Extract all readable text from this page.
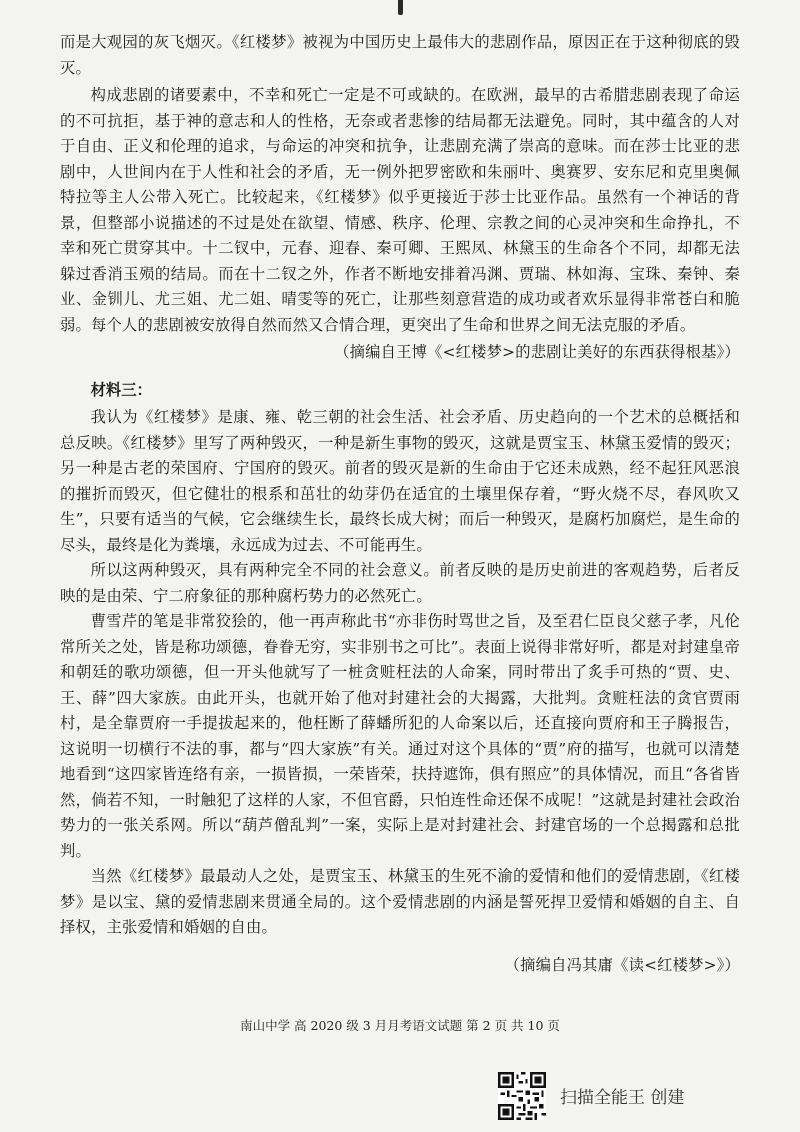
而是大观园的灰飞烟灭。《红楼梦》被视为中国历史上最伟大的悲剧作品，原因正在于这种彻底的毁灭。

构成悲剧的诸要素中，不幸和死亡一定是不可或缺的。在欧洲，最早的古希腊悲剧表现了命运的不可抗拒，基于神的意志和人的性格，无奈或者悲惨的结局都无法避免。同时，其中蕴含的人对于自由、正义和伦理的追求，与命运的冲突和抗争，让悲剧充满了崇高的意味。而在莎士比亚的悲剧中，人世间内在于人性和社会的矛盾，无一例外把罗密欧和朱丽叶、奥赛罗、安东尼和克里奥佩特拉等主人公带入死亡。比较起来，《红楼梦》似乎更接近于莎士比亚作品。虽然有一个神话的背景，但整部小说描述的不过是处在欲望、情感、秩序、伦理、宗教之间的心灵冲突和生命挣扎，不幸和死亡贯穿其中。十二钗中，元春、迎春、秦可卿、王熙凤、林黛玉的生命各个不同，却都无法躲过香消玉殒的结局。而在十二钗之外，作者不断地安排着冯渊、贾瑞、林如海、宝珠、秦钟、秦业、金钏儿、尤三姐、尤二姐、晴雯等的死亡，让那些刻意营造的成功或者欢乐显得非常苍白和脆弱。每个人的悲剧被安放得自然而然又合情合理，更突出了生命和世界之间无法克服的矛盾。

（摘编自王博《<红楼梦>的悲剧让美好的东西获得根基》）

材料三：

我认为《红楼梦》是康、雍、乾三朝的社会生活、社会矛盾、历史趋向的一个艺术的总概括和总反映。《红楼梦》里写了两种毁灭，一种是新生事物的毁灭，这就是贾宝玉、林黛玉爱情的毁灭；另一种是古老的荣国府、宁国府的毁灭。前者的毁灭是新的生命由于它还未成熟，经不起狂风恶浪的摧折而毁灭，但它健壮的根系和茁壮的幼芽仍在适宜的土壤里保存着，“野火烧不尽，春风吹又生”，只要有适当的气候，它会继续生长，最终长成大树；而后一种毁灭，是腐朽加腐烂，是生命的尽头，最终是化为粪壤，永远成为过去、不可能再生。

所以这两种毁灭，具有两种完全不同的社会意义。前者反映的是历史前进的客观趋势，后者反映的是由荣、宁二府象征的那种腐朽势力的必然死亡。

曹雪芹的笔是非常狡狯的，他一再声称此书“亦非伤时骂世之旨，及至君仁臣良父慈子孝，凡伦常所关之处，皆是称功颂德，眷眷无穷，实非别书之可比”。表面上说得非常好听，都是对封建皇帝和朝廷的歌功颂德，但一开头他就写了一桩贪赃枉法的人命案，同时带出了炙手可热的“贾、史、王、薛”四大家族。由此开头，也就开始了他对封建社会的大揭露，大批判。贪赃枉法的贪官贾雨村，是全靠贾府一手提拔起来的，他枉断了薛蟠所犯的人命案以后，还直接向贾府和王子腾报告，这说明一切横行不法的事，都与“四大家族”有关。通过对这个具体的“贾”府的描写，也就可以清楚地看到“这四家皆连络有亲，一损皆损，一荣皆荣，扶持遮饰，俱有照应”的具体情况，而且“各省皆然，倘若不知，一时触犯了这样的人家，不但官爵，只怕连性命还保不成呢！”这就是封建社会政治势力的一张关系网。所以“葫芦僧乱判”一案，实际上是对封建社会、封建官场的一个总揭露和总批判。

当然《红楼梦》最最动人之处，是贾宝玉、林黛玉的生死不渝的爱情和他们的爱情悲剧，《红楼梦》是以宝、黛的爱情悲剧来贯通全局的。这个爱情悲剧的内涵是誓死捍卫爱情和婚姻的自主、自择权，主张爱情和婚姻的自由。

（摘编自冯其庸《读<红楼梦>》）

南山中学 高 2020 级 3 月月考语文试题 第 2 页 共 10 页
扫描全能王 创建
